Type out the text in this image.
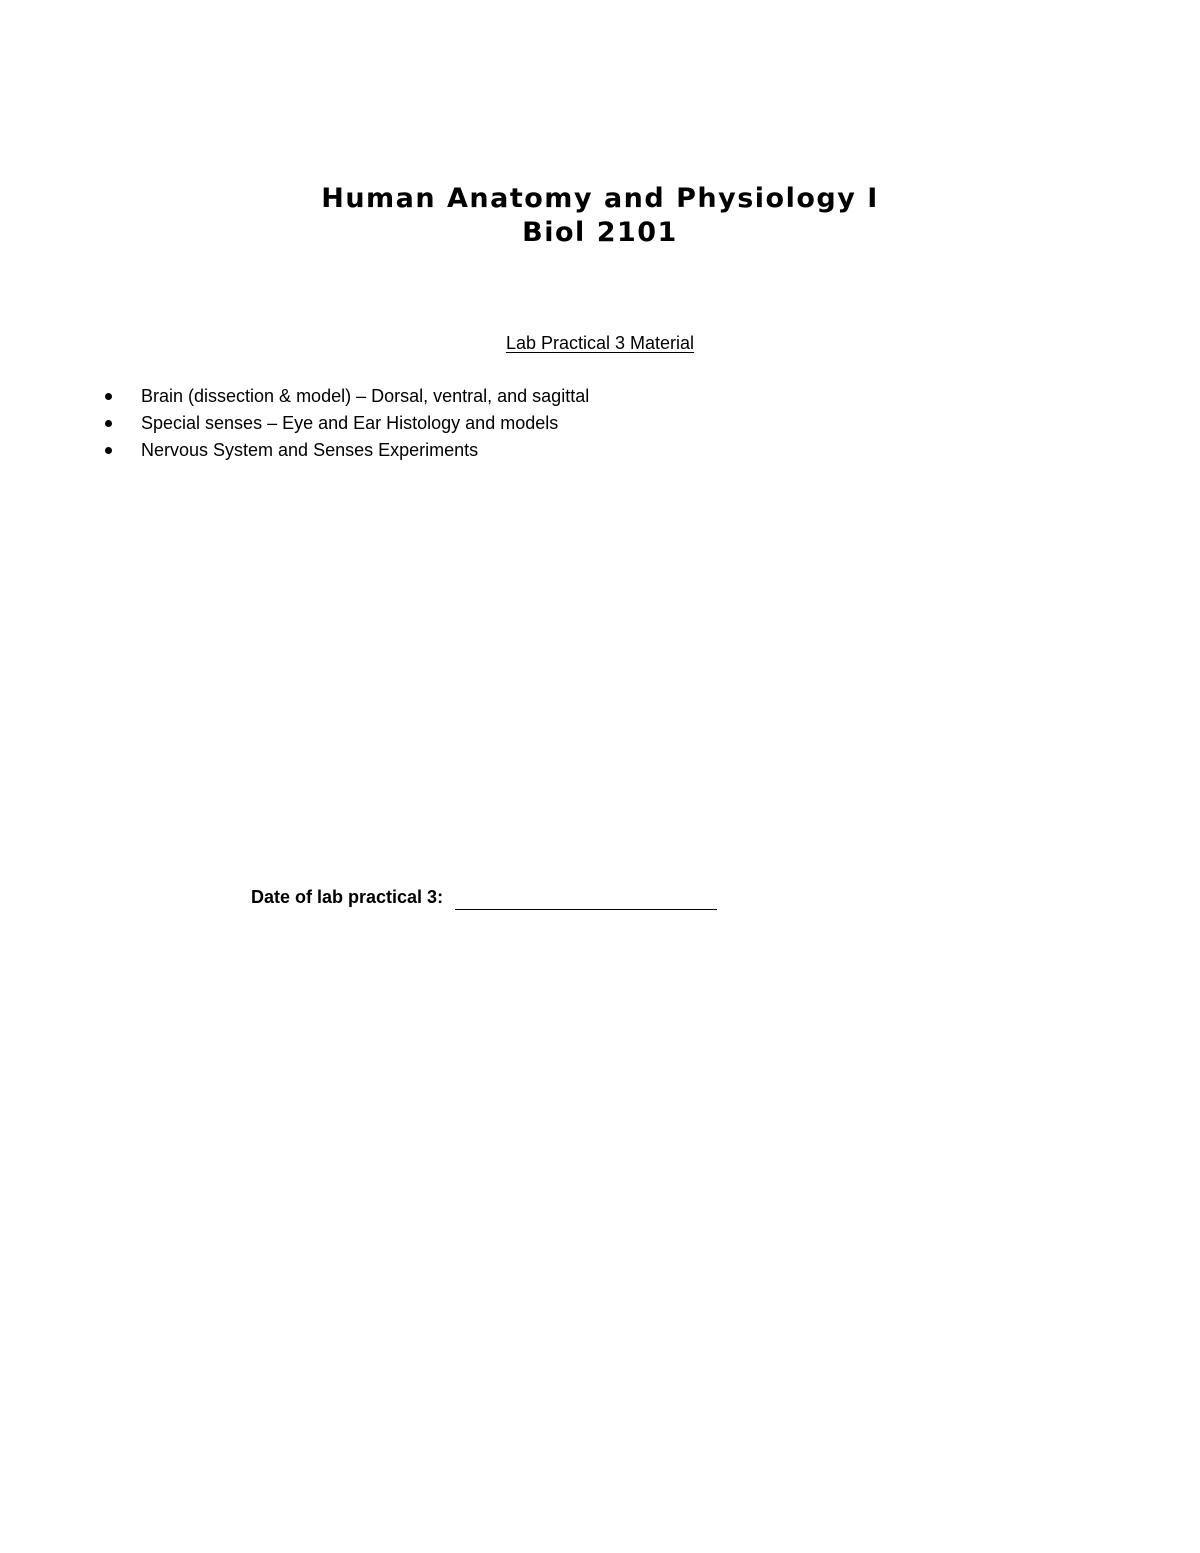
Human Anatomy and Physiology I
Biol 2101
Lab Practical 3 Material
Brain (dissection & model) – Dorsal, ventral, and sagittal
Special senses – Eye and Ear Histology and models
Nervous System and Senses Experiments
Date of lab practical 3:
